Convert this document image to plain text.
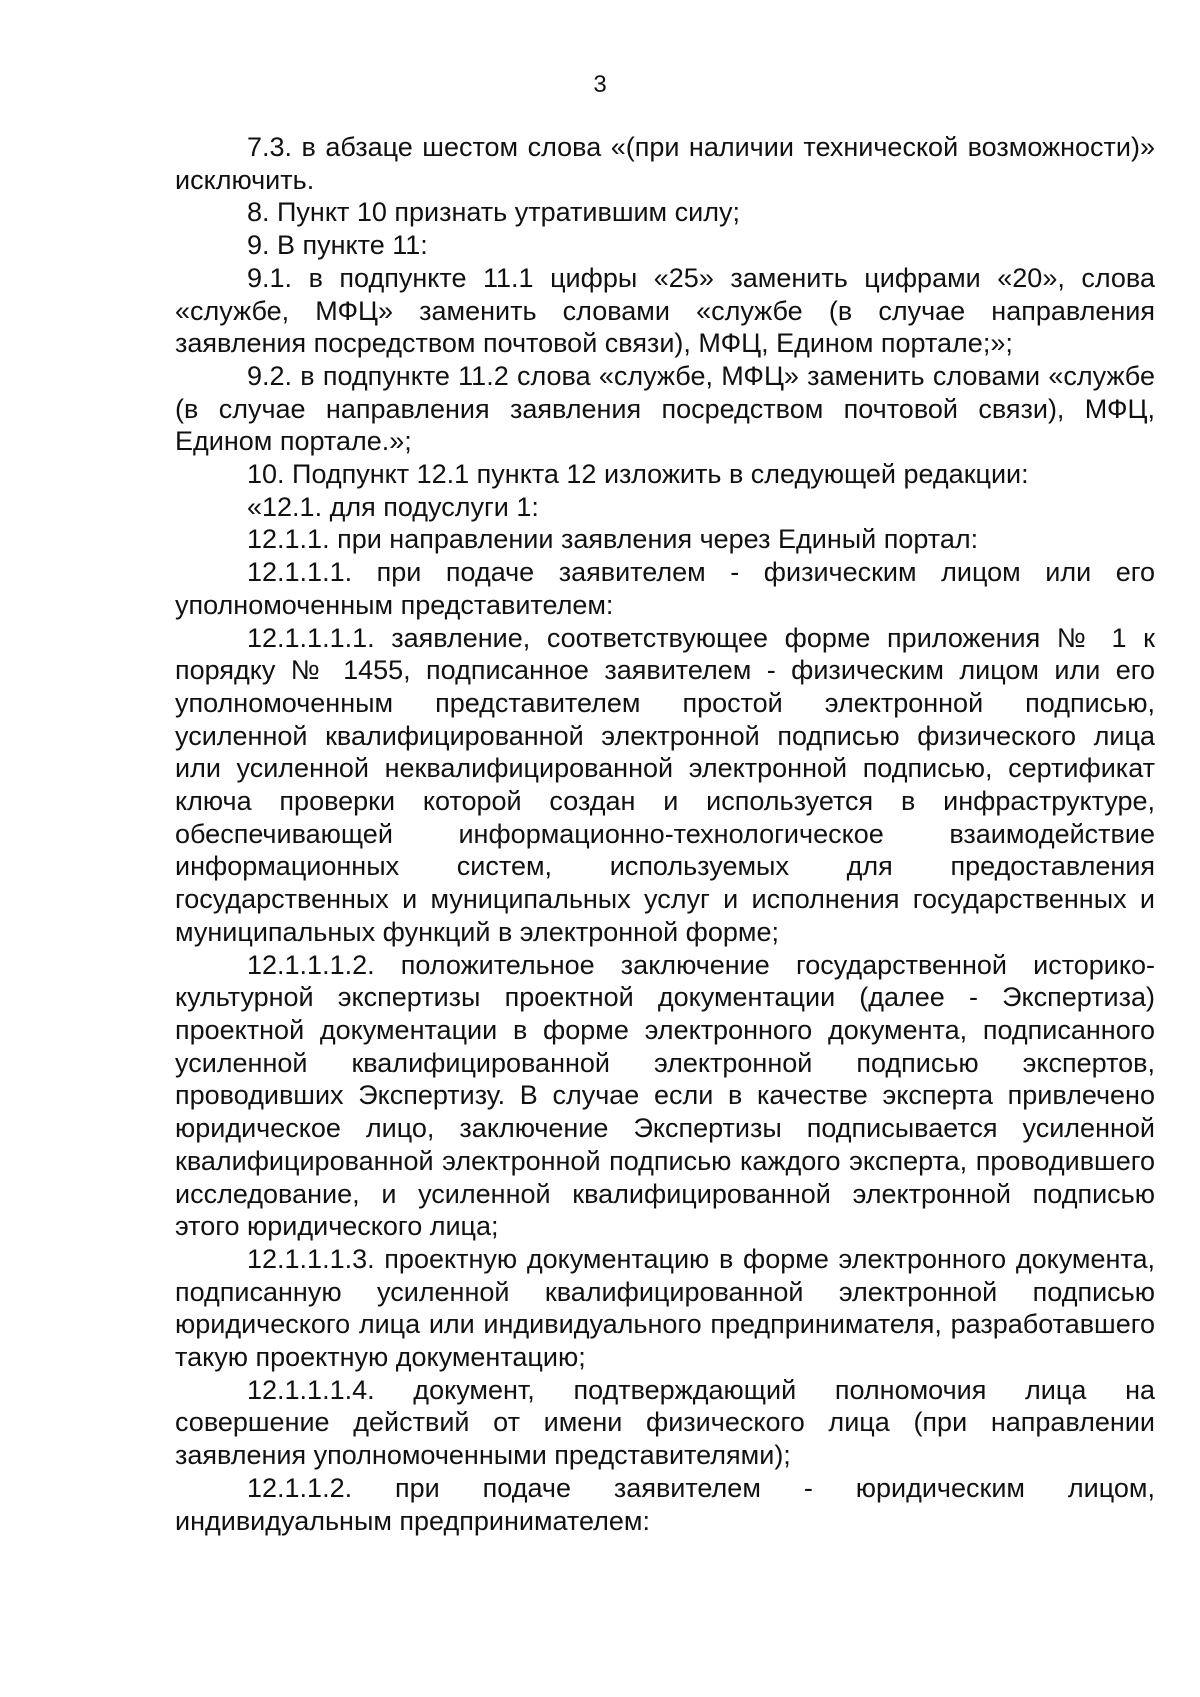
3

7.3. в абзаце шестом слова «(при наличии технической возможности)» исключить.

8. Пункт 10 признать утратившим силу;

9. В пункте 11:

9.1. в подпункте 11.1 цифры «25» заменить цифрами «20», слова «службе, МФЦ» заменить словами «службе (в случае направления заявления посредством почтовой связи), МФЦ, Едином портале;»;

9.2. в подпункте 11.2 слова «службе, МФЦ» заменить словами «службе (в случае направления заявления посредством почтовой связи), МФЦ, Едином портале.»;

10. Подпункт 12.1 пункта 12 изложить в следующей редакции:

«12.1. для подуслуги 1:

12.1.1. при направлении заявления через Единый портал:

12.1.1.1. при подаче заявителем - физическим лицом или его уполномоченным представителем:

12.1.1.1.1. заявление, соответствующее форме приложения № 1 к порядку № 1455, подписанное заявителем - физическим лицом или его уполномоченным представителем простой электронной подписью, усиленной квалифицированной электронной подписью физического лица или усиленной неквалифицированной электронной подписью, сертификат ключа проверки которой создан и используется в инфраструктуре, обеспечивающей информационно-технологическое взаимодействие информационных систем, используемых для предоставления государственных и муниципальных услуг и исполнения государственных и муниципальных функций в электронной форме;

12.1.1.1.2. положительное заключение государственной историко-культурной экспертизы проектной документации (далее - Экспертиза) проектной документации в форме электронного документа, подписанного усиленной квалифицированной электронной подписью экспертов, проводивших Экспертизу. В случае если в качестве эксперта привлечено юридическое лицо, заключение Экспертизы подписывается усиленной квалифицированной электронной подписью каждого эксперта, проводившего исследование, и усиленной квалифицированной электронной подписью этого юридического лица;

12.1.1.1.3. проектную документацию в форме электронного документа, подписанную усиленной квалифицированной электронной подписью юридического лица или индивидуального предпринимателя, разработавшего такую проектную документацию;

12.1.1.1.4. документ, подтверждающий полномочия лица на совершение действий от имени физического лица (при направлении заявления уполномоченными представителями);

12.1.1.2. при подаче заявителем - юридическим лицом, индивидуальным предпринимателем:
